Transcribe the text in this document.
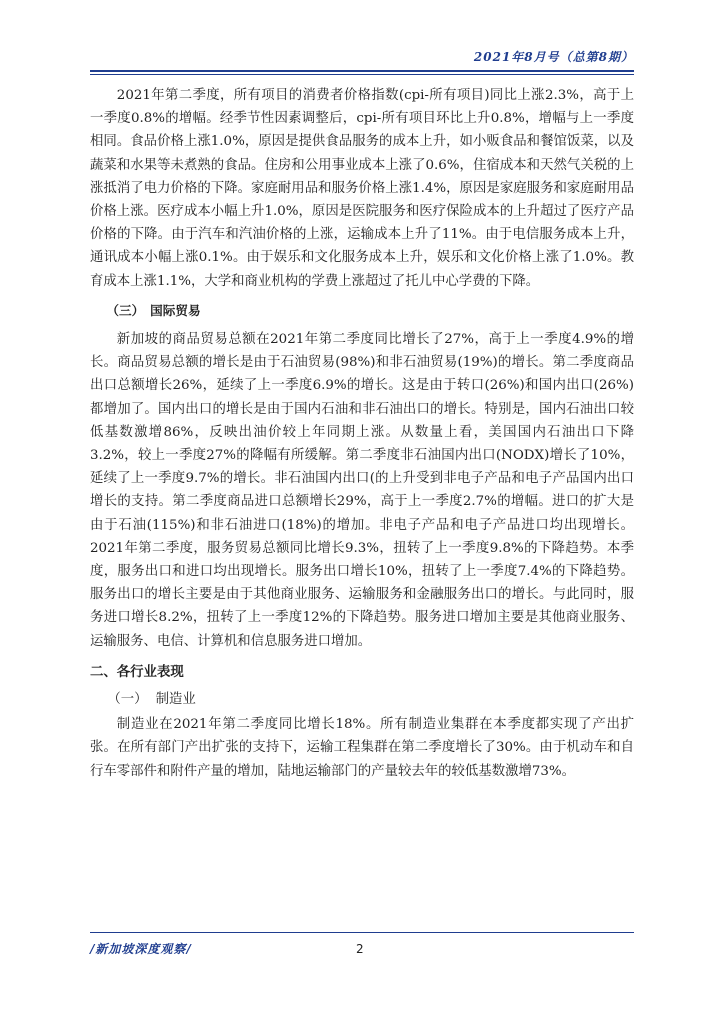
2021年8月号（总第8期）

2021年第二季度，所有项目的消费者价格指数(cpi-所有项目)同比上涨2.3%，高于上一季度0.8%的增幅。经季节性因素调整后，cpi-所有项目环比上升0.8%，增幅与上一季度相同。食品价格上涨1.0%，原因是提供食品服务的成本上升，如小贩食品和餐馆饭菜，以及蔬菜和水果等未煮熟的食品。住房和公用事业成本上涨了0.6%，住宿成本和天然气关税的上涨抵消了电力价格的下降。家庭耐用品和服务价格上涨1.4%，原因是家庭服务和家庭耐用品价格上涨。医疗成本小幅上升1.0%，原因是医院服务和医疗保险成本的上升超过了医疗产品价格的下降。由于汽车和汽油价格的上涨，运输成本上升了11%。由于电信服务成本上升，通讯成本小幅上涨0.1%。由于娱乐和文化服务成本上升，娱乐和文化价格上涨了1.0%。教育成本上涨1.1%，大学和商业机构的学费上涨超过了托儿中心学费的下降。

（三） 国际贸易

新加坡的商品贸易总额在2021年第二季度同比增长了27%，高于上一季度4.9%的增长。商品贸易总额的增长是由于石油贸易(98%)和非石油贸易(19%)的增长。第二季度商品出口总额增长26%，延续了上一季度6.9%的增长。这是由于转口(26%)和国内出口(26%)都增加了。国内出口的增长是由于国内石油和非石油出口的增长。特别是，国内石油出口较低基数激增86%，反映出油价较上年同期上涨。从数量上看，美国国内石油出口下降3.2%，较上一季度27%的降幅有所缓解。第二季度非石油国内出口(NODX)增长了10%，延续了上一季度9.7%的增长。非石油国内出口(的上升受到非电子产品和电子产品国内出口增长的支持。第二季度商品进口总额增长29%，高于上一季度2.7%的增幅。进口的扩大是由于石油(115%)和非石油进口(18%)的增加。非电子产品和电子产品进口均出现增长。2021年第二季度，服务贸易总额同比增长9.3%，扭转了上一季度9.8%的下降趋势。本季度，服务出口和进口均出现增长。服务出口增长10%，扭转了上一季度7.4%的下降趋势。服务出口的增长主要是由于其他商业服务、运输服务和金融服务出口的增长。与此同时，服务进口增长8.2%，扭转了上一季度12%的下降趋势。服务进口增加主要是其他商业服务、运输服务、电信、计算机和信息服务进口增加。

二、各行业表现
（一） 制造业

制造业在2021年第二季度同比增长18%。所有制造业集群在本季度都实现了产出扩张。在所有部门产出扩张的支持下，运输工程集群在第二季度增长了30%。由于机动车和自行车零部件和附件产量的增加，陆地运输部门的产量较去年的较低基数激增73%。

/新加坡深度观察/	2
